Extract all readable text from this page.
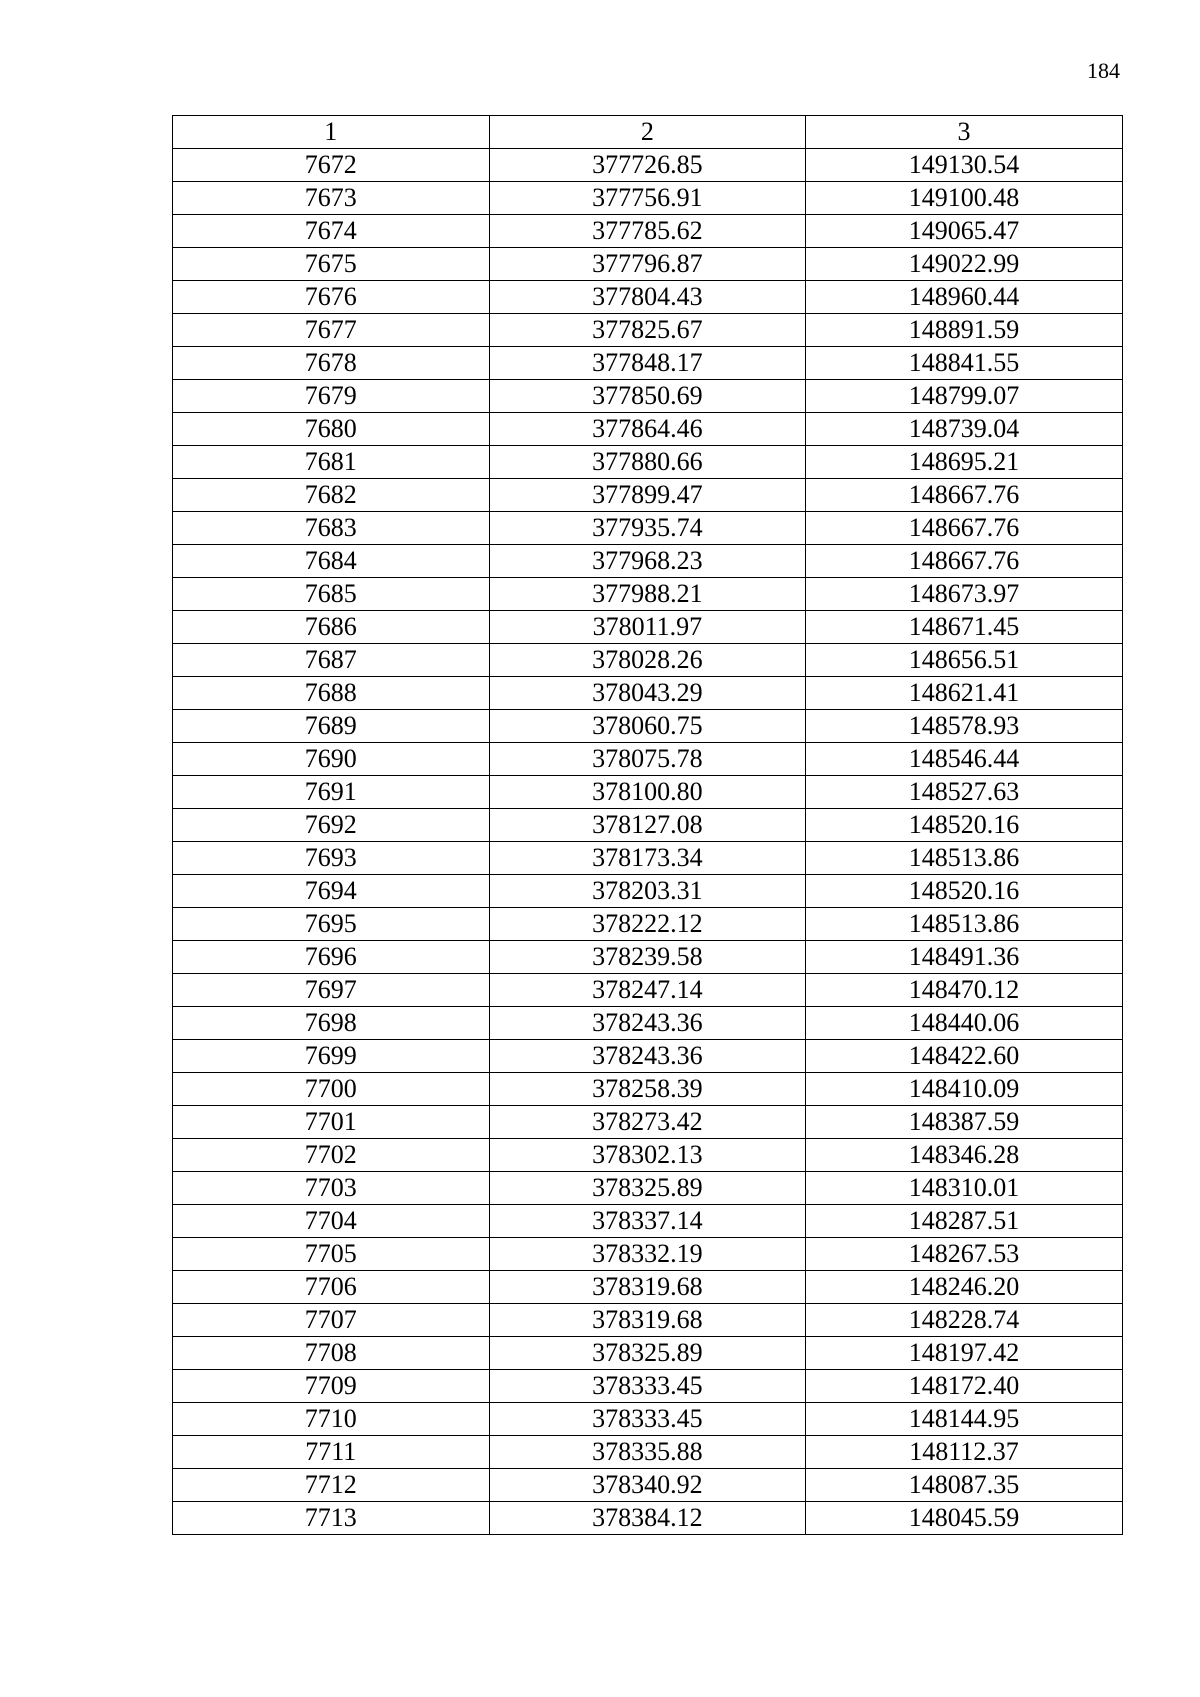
184
1	2	3
7672	377726.85	149130.54
7673	377756.91	149100.48
7674	377785.62	149065.47
7675	377796.87	149022.99
7676	377804.43	148960.44
7677	377825.67	148891.59
7678	377848.17	148841.55
7679	377850.69	148799.07
7680	377864.46	148739.04
7681	377880.66	148695.21
7682	377899.47	148667.76
7683	377935.74	148667.76
7684	377968.23	148667.76
7685	377988.21	148673.97
7686	378011.97	148671.45
7687	378028.26	148656.51
7688	378043.29	148621.41
7689	378060.75	148578.93
7690	378075.78	148546.44
7691	378100.80	148527.63
7692	378127.08	148520.16
7693	378173.34	148513.86
7694	378203.31	148520.16
7695	378222.12	148513.86
7696	378239.58	148491.36
7697	378247.14	148470.12
7698	378243.36	148440.06
7699	378243.36	148422.60
7700	378258.39	148410.09
7701	378273.42	148387.59
7702	378302.13	148346.28
7703	378325.89	148310.01
7704	378337.14	148287.51
7705	378332.19	148267.53
7706	378319.68	148246.20
7707	378319.68	148228.74
7708	378325.89	148197.42
7709	378333.45	148172.40
7710	378333.45	148144.95
7711	378335.88	148112.37
7712	378340.92	148087.35
7713	378384.12	148045.59
